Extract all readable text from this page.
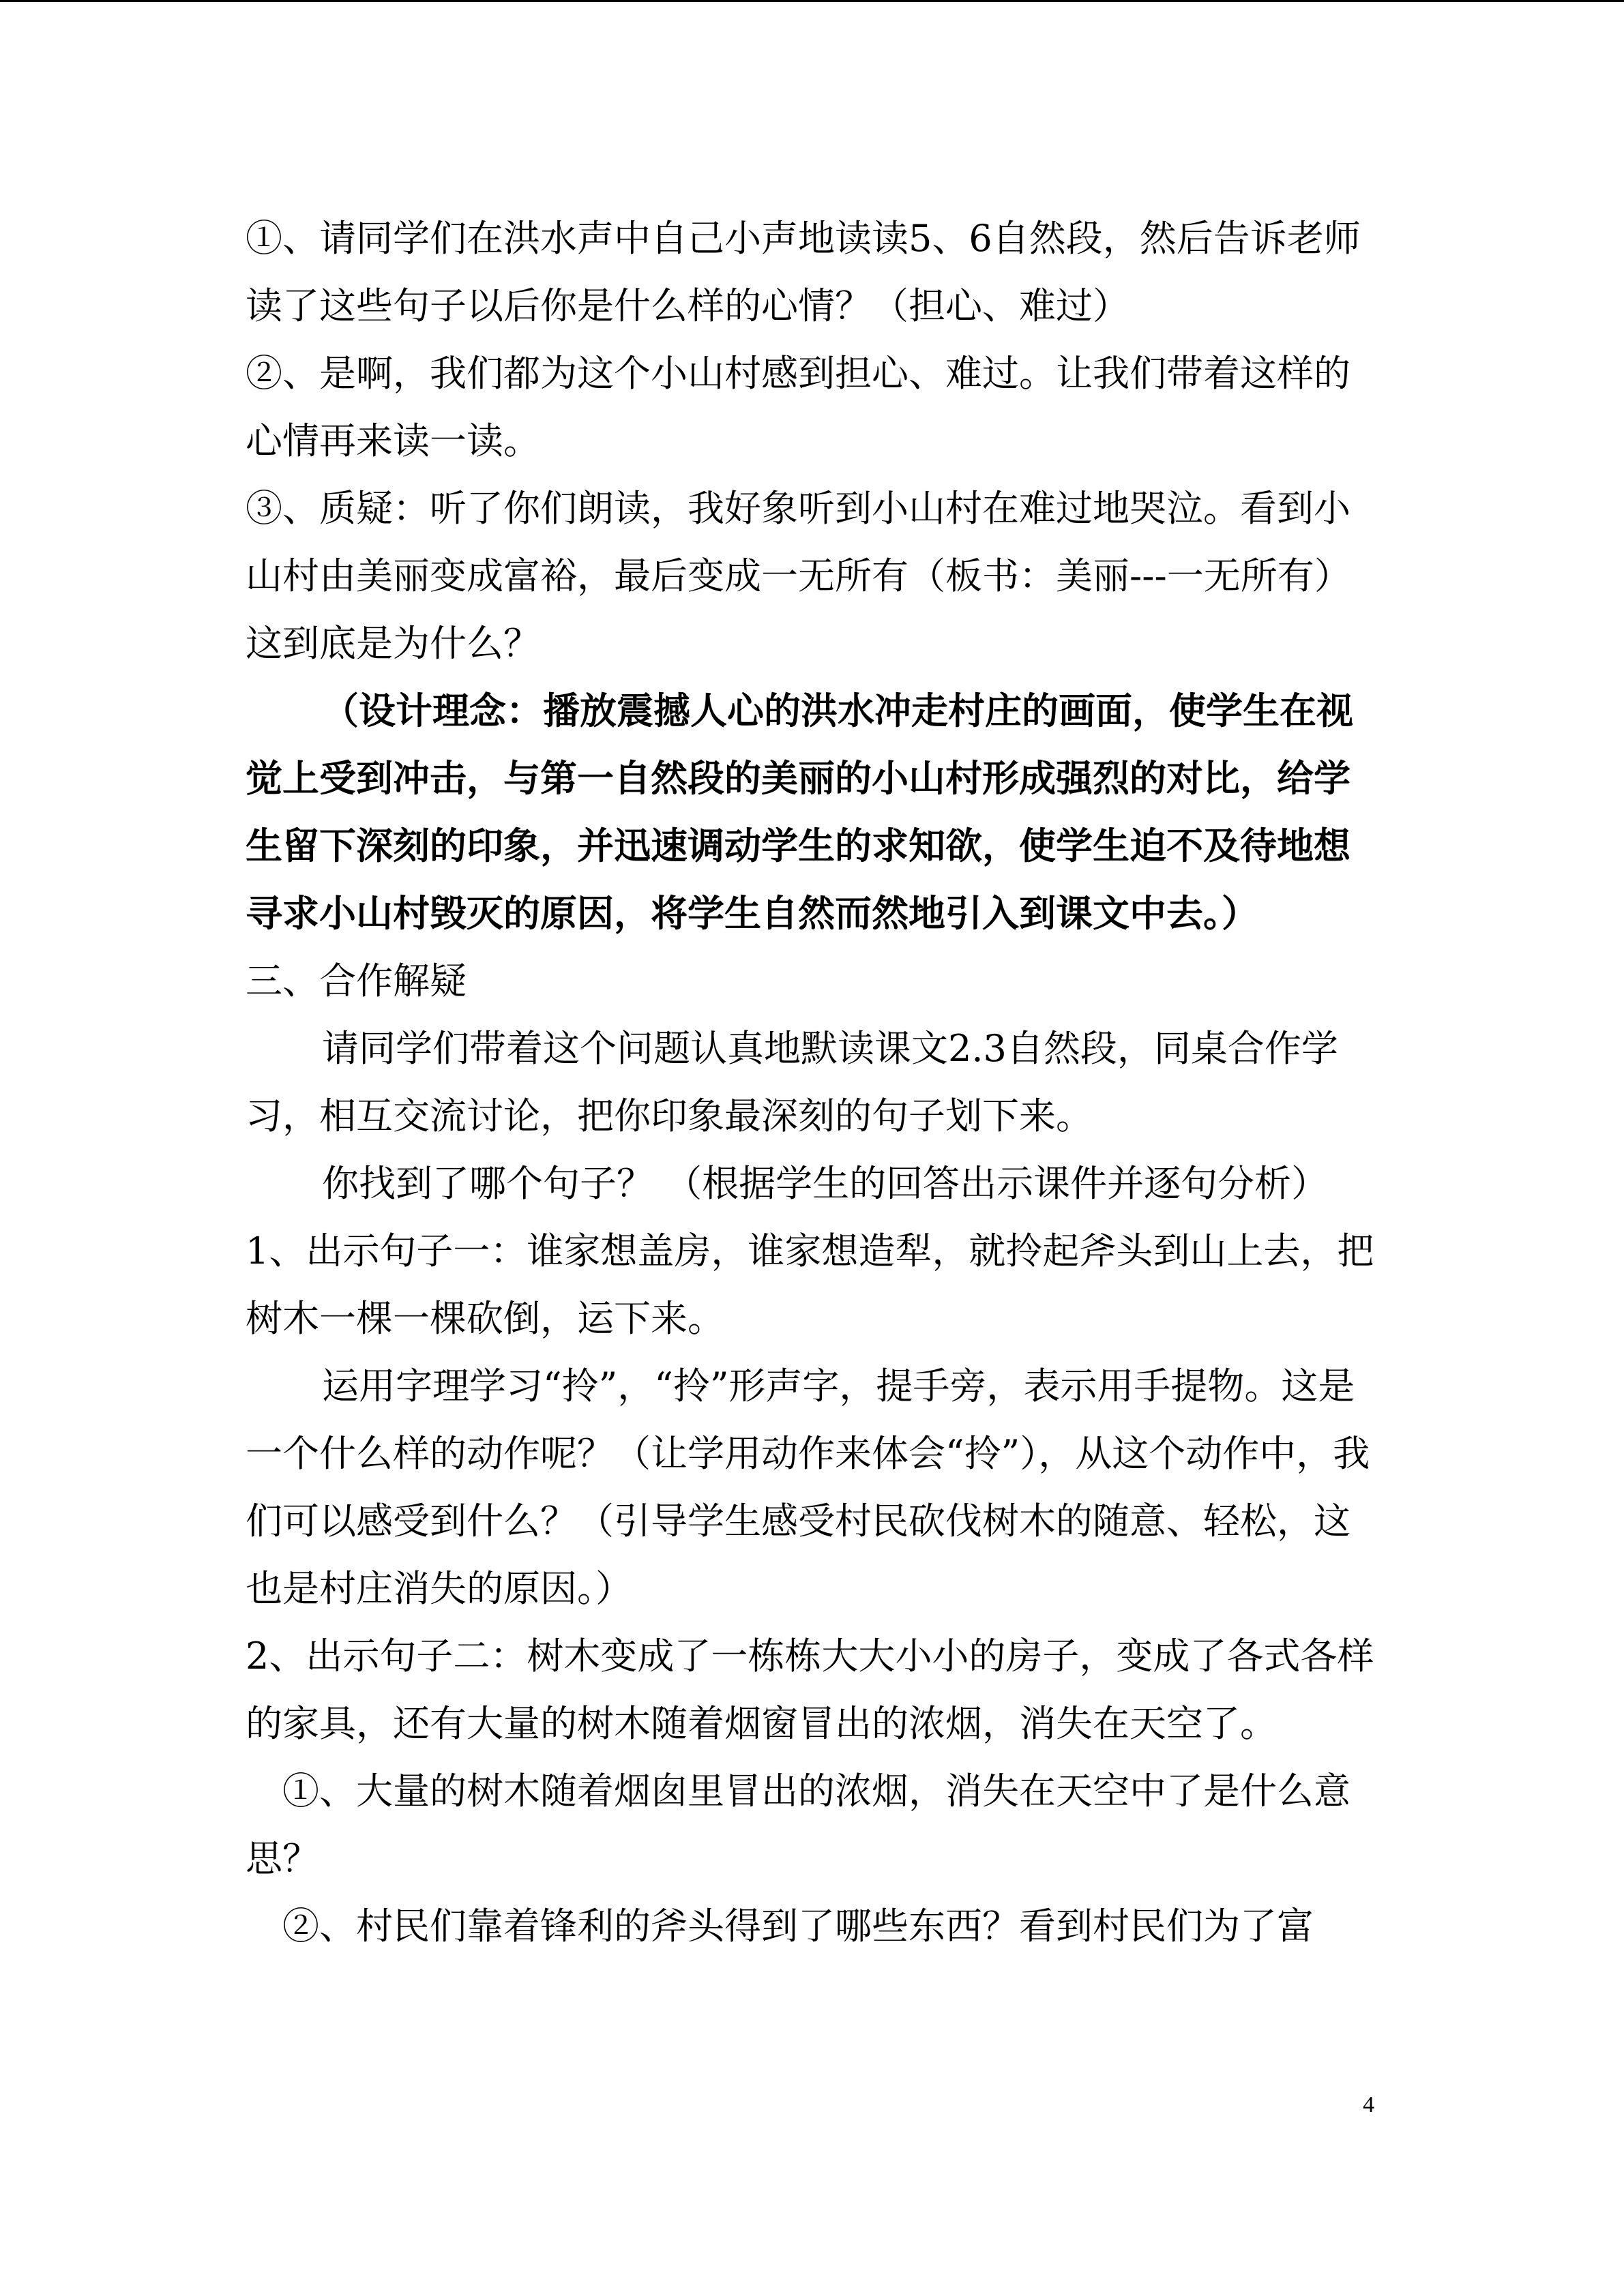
①、请同学们在洪水声中自己小声地读读5、6自然段，然后告诉老师读了这些句子以后你是什么样的心情？（担心、难过）

②、是啊，我们都为这个小山村感到担心、难过。让我们带着这样的心情再来读一读。

③、质疑：听了你们朗读，我好象听到小山村在难过地哭泣。看到小山村由美丽变成富裕，最后变成一无所有（板书：美丽---一无所有）这到底是为什么？

（设计理念：播放震撼人心的洪水冲走村庄的画面，使学生在视觉上受到冲击，与第一自然段的美丽的小山村形成强烈的对比，给学生留下深刻的印象，并迅速调动学生的求知欲，使学生迫不及待地想寻求小山村毁灭的原因，将学生自然而然地引入到课文中去。）

三、合作解疑

请同学们带着这个问题认真地默读课文2.3自然段，同桌合作学习，相互交流讨论，把你印象最深刻的句子划下来。

你找到了哪个句子？ （根据学生的回答出示课件并逐句分析）

1、出示句子一：谁家想盖房，谁家想造犁，就拎起斧头到山上去，把树木一棵一棵砍倒，运下来。

运用字理学习“拎”，“拎”形声字，提手旁，表示用手提物。这是一个什么样的动作呢？（让学用动作来体会“拎”），从这个动作中，我们可以感受到什么？（引导学生感受村民砍伐树木的随意、轻松，这也是村庄消失的原因。）

2、出示句子二：树木变成了一栋栋大大小小的房子，变成了各式各样的家具，还有大量的树木随着烟窗冒出的浓烟，消失在天空了。

①、大量的树木随着烟囱里冒出的浓烟，消失在天空中了是什么意思？

②、村民们靠着锋利的斧头得到了哪些东西？看到村民们为了富

4
